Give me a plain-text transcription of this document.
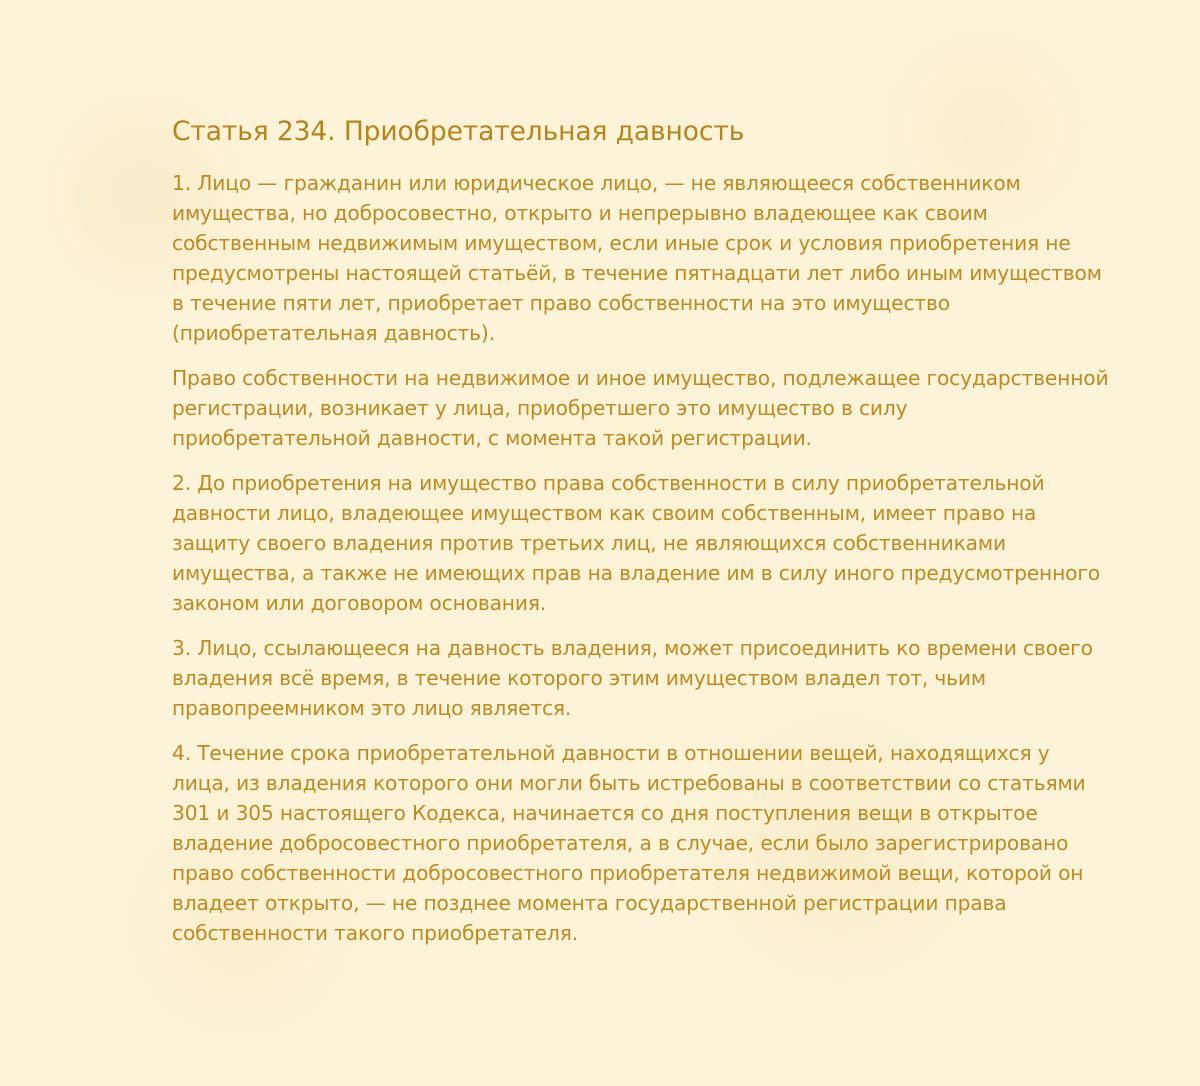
Статья 234. Приобретательная давность

1. Лицо — гражданин или юридическое лицо, — не являющееся собственником имущества, но добросовестно, открыто и непрерывно владеющее как своим собственным недвижимым имуществом, если иные срок и условия приобретения не предусмотрены настоящей статьёй, в течение пятнадцати лет либо иным имуществом в течение пяти лет, приобретает право собственности на это имущество (приобретательная давность).

Право собственности на недвижимое и иное имущество, подлежащее государственной регистрации, возникает у лица, приобретшего это имущество в силу приобретательной давности, с момента такой регистрации.

2. До приобретения на имущество права собственности в силу приобретательной давности лицо, владеющее имуществом как своим собственным, имеет право на защиту своего владения против третьих лиц, не являющихся собственниками имущества, а также не имеющих прав на владение им в силу иного предусмотренного законом или договором основания.

3. Лицо, ссылающееся на давность владения, может присоединить ко времени своего владения всё время, в течение которого этим имуществом владел тот, чьим правопреемником это лицо является.

4. Течение срока приобретательной давности в отношении вещей, находящихся у лица, из владения которого они могли быть истребованы в соответствии со статьями 301 и 305 настоящего Кодекса, начинается со дня поступления вещи в открытое владение добросовестного приобретателя, а в случае, если было зарегистрировано право собственности добросовестного приобретателя недвижимой вещи, которой он владеет открыто, — не позднее момента государственной регистрации права собственности такого приобретателя.
